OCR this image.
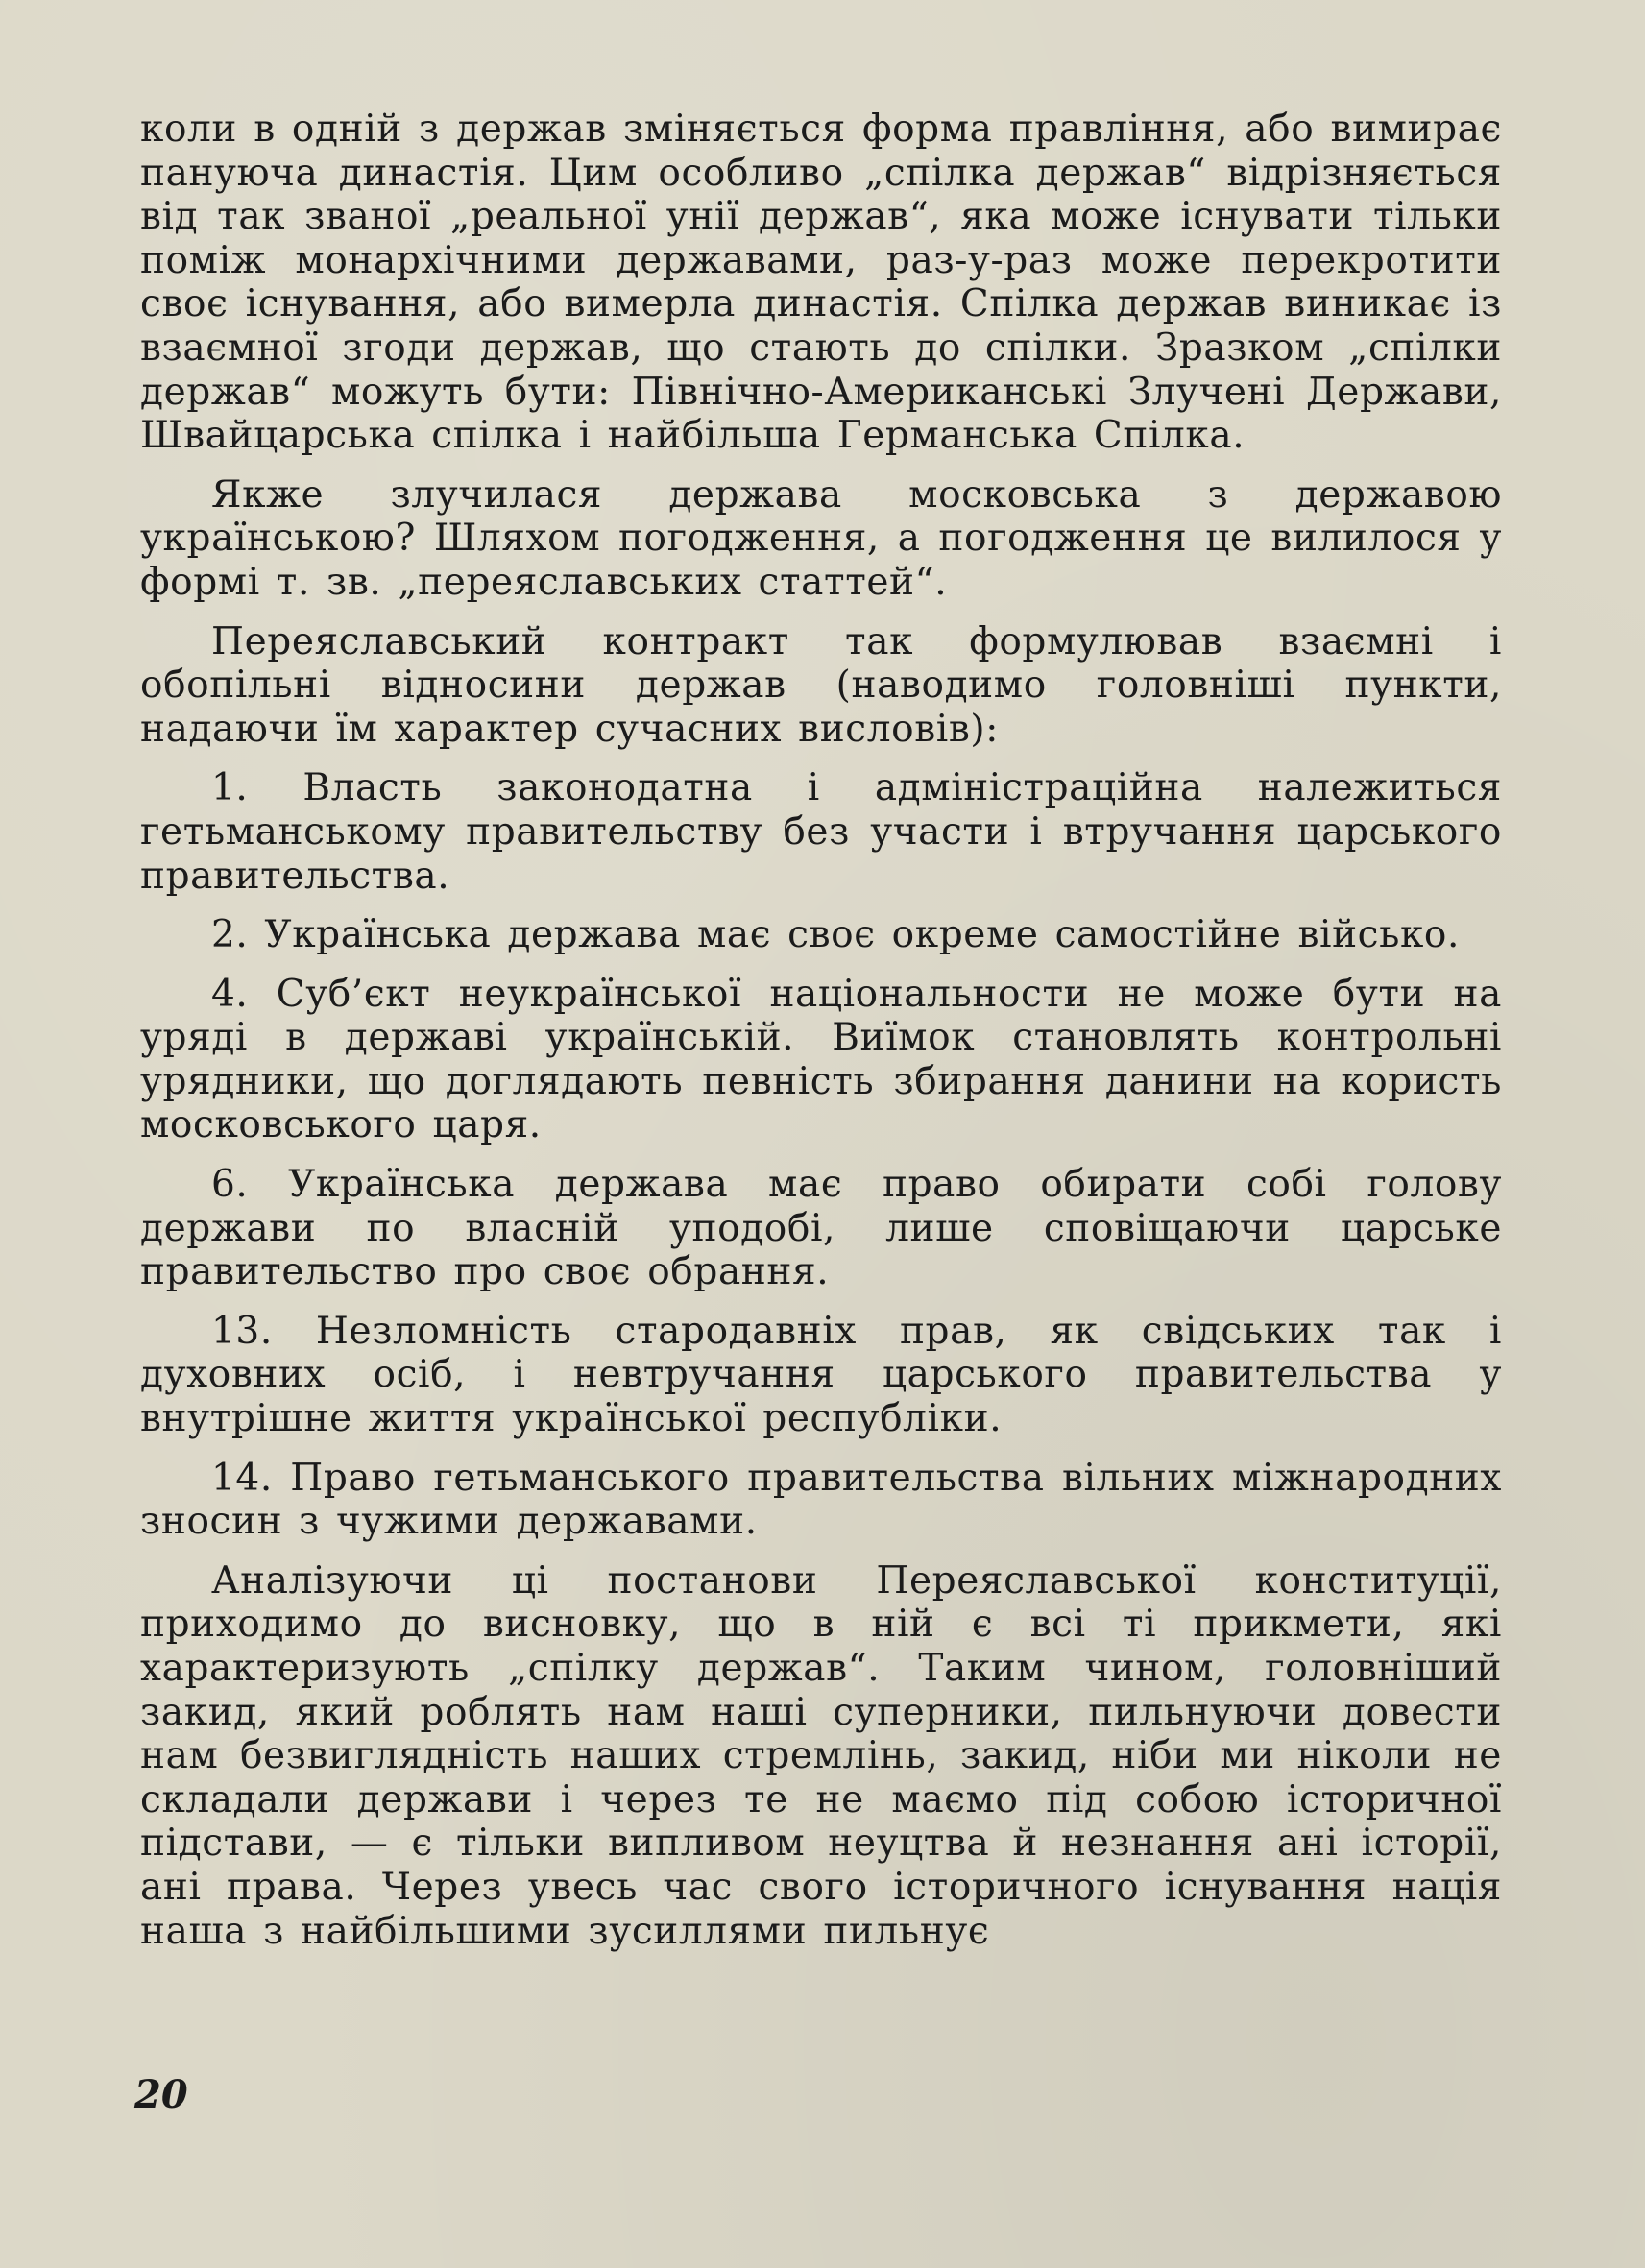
коли в одній з держав зміняється форма правління, або вимирає пануюча династія. Цим особливо „спілка держав“ відрізняється від так званої „реальної унії держав“, яка може існувати тільки поміж монархічними державами, раз-у-раз може перекротити своє існування, або вимерла династія. Спілка держав виникає із взаємної згоди держав, що стають до спілки. Зразком „спілки держав“ можуть бути: Північно-Американські Злучені Держави, Швайцарська спілка і найбільша Германська Спілка.

Якже злучилася держава московська з державою українською? Шляхом погодження, а погодження це вилилося у формі т. зв. „переяславських статтей“.

Переяславський контракт так формулював взаємні і обопільні відносини держав (наводимо головніші пункти, надаючи їм характер сучасних висловів):

1. Власть законодатна і адміністраційна належиться гетьманському правительству без участи і втручання царського правительства.

2. Українська держава має своє окреме самостійне військо.

4. Суб’єкт неукраїнської національности не може бути на уряді в державі українській. Виїмок становлять контрольні урядники, що доглядають певність збирання данини на користь московського царя.

6. Українська держава має право обирати собі голову держави по власній уподобі, лише сповіщаючи царське правительство про своє обрання.

13. Незломність стародавніх прав, як свідських так і духовних осіб, і невтручання царського правительства у внутрішне життя української республіки.

14. Право гетьманського правительства вільних міжнародних зносин з чужими державами.

Аналізуючи ці постанови Переяславської конституції, приходимо до висновку, що в ній є всі ті прикмети, які характеризують „спілку держав“. Таким чином, головніший закид, який роблять нам наші суперники, пильнуючи довести нам безвиглядність наших стремлінь, закид, ніби ми ніколи не складали держави і через те не маємо під собою історичної підстави, — є тільки випливом неуцтва й незнання ані історії, ані права. Через увесь час свого історичного існування нація наша з найбільшими зусиллями пильнує

20
